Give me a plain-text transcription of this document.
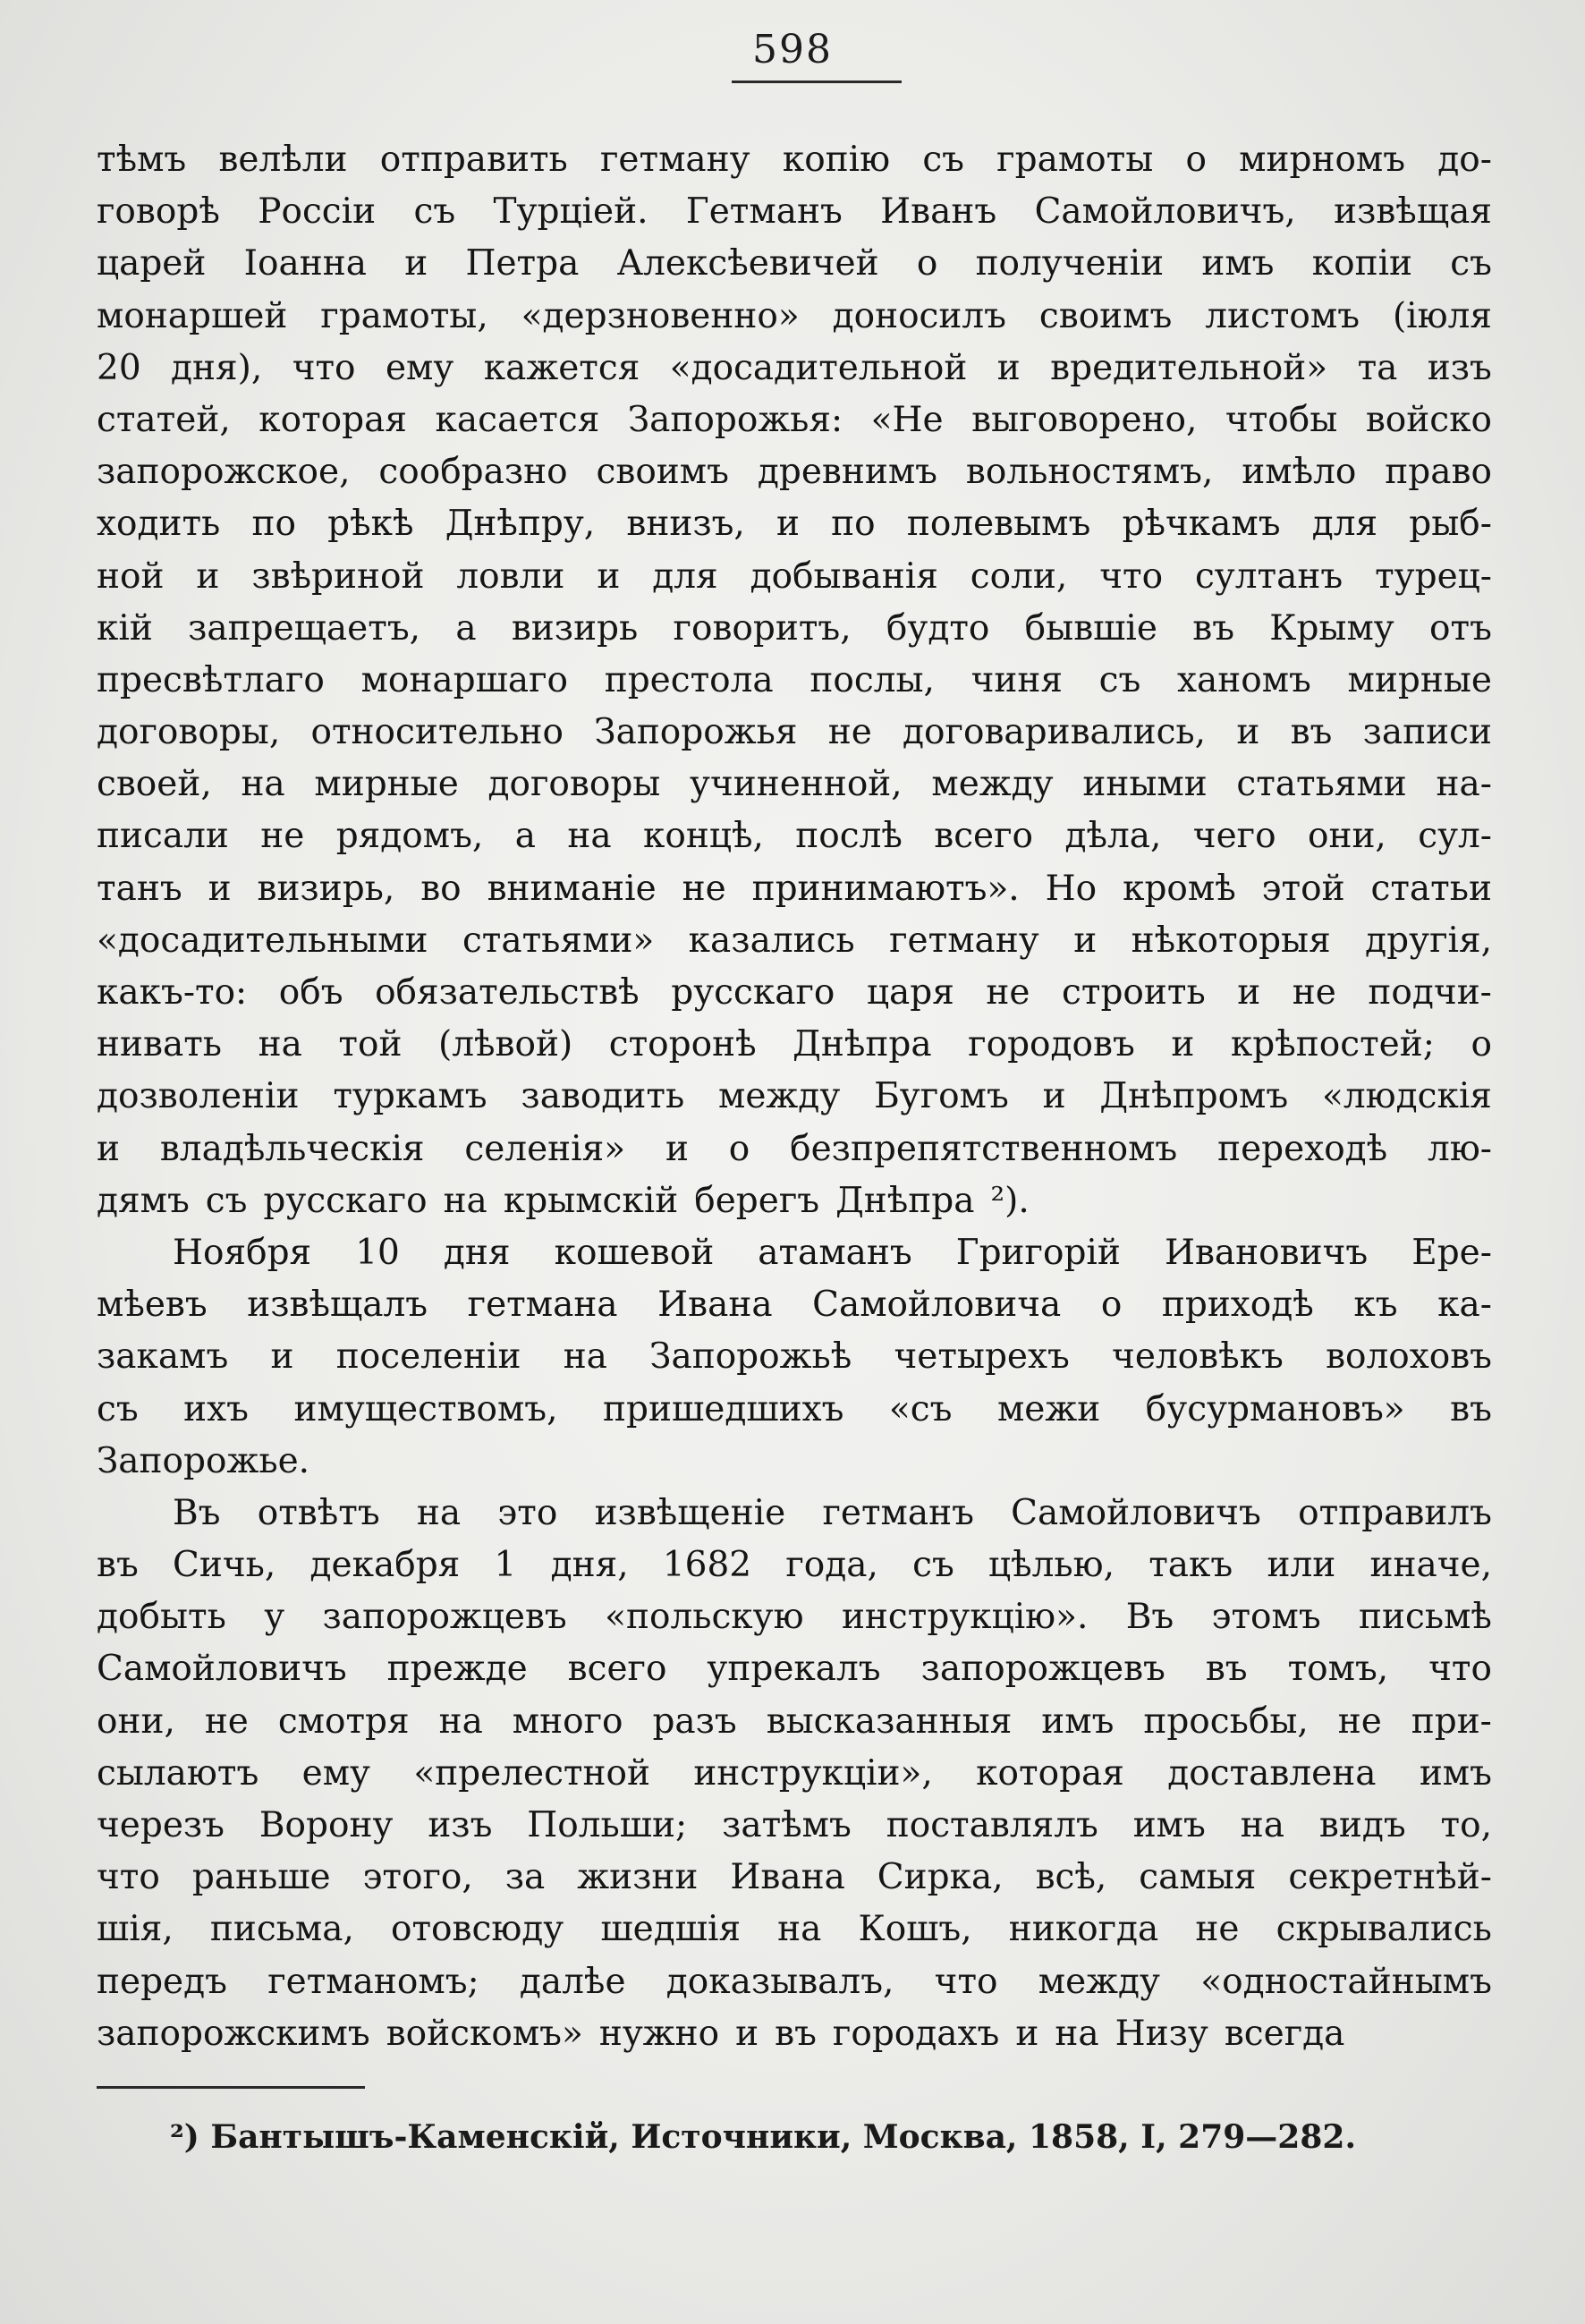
598
тѣмъ велѣли отправить гетману копію съ грамоты о мирномъ до-
говорѣ Россіи съ Турціей. Гетманъ Иванъ Самойловичъ, извѣщая
царей Іоанна и Петра Алексѣевичей о полученіи имъ копіи съ
монаршей грамоты, «дерзновенно» доносилъ своимъ листомъ (іюля
20 дня), что ему кажется «досадительной и вредительной» та изъ
статей, которая касается Запорожья: «Не выговорено, чтобы войско
запорожское, сообразно своимъ древнимъ вольностямъ, имѣло право
ходить по рѣкѣ Днѣпру, внизъ, и по полевымъ рѣчкамъ для рыб-
ной и звѣриной ловли и для добыванія соли, что султанъ турец-
кій запрещаетъ, а визирь говоритъ, будто бывшіе въ Крыму отъ
пресвѣтлаго монаршаго престола послы, чиня съ ханомъ мирные
договоры, относительно Запорожья не договаривались, и въ записи
своей, на мирные договоры учиненной, между иными статьями на-
писали не рядомъ, а на концѣ, послѣ всего дѣла, чего они, сул-
танъ и визирь, во вниманіе не принимаютъ». Но кромѣ этой статьи
«досадительными статьями» казались гетману и нѣкоторыя другія,
какъ-то: объ обязательствѣ русскаго царя не строить и не подчи-
нивать на той (лѣвой) сторонѣ Днѣпра городовъ и крѣпостей; о
дозволеніи туркамъ заводить между Бугомъ и Днѣпромъ «людскія
и владѣльческія селенія» и о безпрепятственномъ переходѣ лю-
дямъ съ русскаго на крымскій берегъ Днѣпра ²).
Ноября 10 дня кошевой атаманъ Григорій Ивановичъ Ере-
мѣевъ извѣщалъ гетмана Ивана Самойловича о приходѣ къ ка-
закамъ и поселеніи на Запорожьѣ четырехъ человѣкъ волоховъ
съ ихъ имуществомъ, пришедшихъ «съ межи бусурмановъ» въ
Запорожье.
Въ отвѣтъ на это извѣщеніе гетманъ Самойловичъ отправилъ
въ Сичь, декабря 1 дня, 1682 года, съ цѣлью, такъ или иначе,
добыть у запорожцевъ «польскую инструкцію». Въ этомъ письмѣ
Самойловичъ прежде всего упрекалъ запорожцевъ въ томъ, что
они, не смотря на много разъ высказанныя имъ просьбы, не при-
сылаютъ ему «прелестной инструкціи», которая доставлена имъ
черезъ Ворону изъ Польши; затѣмъ поставлялъ имъ на видъ то,
что раньше этого, за жизни Ивана Сирка, всѣ, самыя секретнѣй-
шія, письма, отовсюду шедшія на Кошъ, никогда не скрывались
передъ гетманомъ; далѣе доказывалъ, что между «одностайнымъ
запорожскимъ войскомъ» нужно и въ городахъ и на Низу всегда
²) Бантышъ-Каменскій, Источники, Москва, 1858, I, 279—282.
